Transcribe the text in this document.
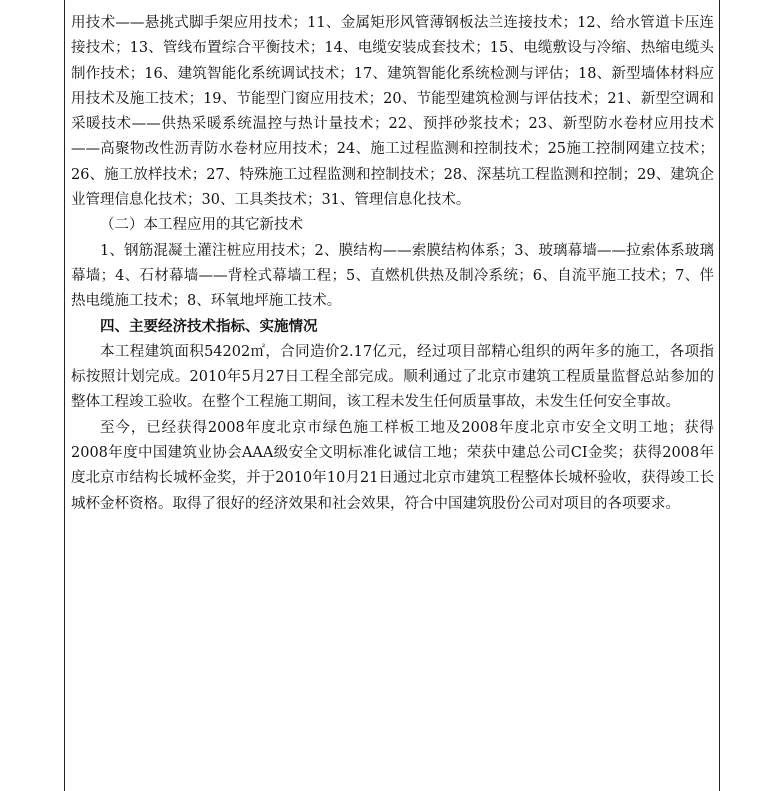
用技术——悬挑式脚手架应用技术；11、金属矩形风管薄钢板法兰连接技术；12、给水管道卡压连接技术；13、管线布置综合平衡技术；14、电缆安装成套技术；15、电缆敷设与冷缩、热缩电缆头制作技术；16、建筑智能化系统调试技术；17、建筑智能化系统检测与评估；18、新型墙体材料应用技术及施工技术；19、节能型门窗应用技术；20、节能型建筑检测与评估技术；21、新型空调和采暖技术——供热采暖系统温控与热计量技术；22、预拌砂浆技术；23、新型防水卷材应用技术——高聚物改性沥青防水卷材应用技术；24、施工过程监测和控制技术；25施工控制网建立技术；26、施工放样技术；27、特殊施工过程监测和控制技术；28、深基坑工程监测和控制；29、建筑企业管理信息化技术；30、工具类技术；31、管理信息化技术。

（二）本工程应用的其它新技术

1、钢筋混凝土灌注桩应用技术；2、膜结构——索膜结构体系；3、玻璃幕墙——拉索体系玻璃幕墙；4、石材幕墙——背栓式幕墙工程；5、直燃机供热及制冷系统；6、自流平施工技术；7、伴热电缆施工技术；8、环氧地坪施工技术。

四、主要经济技术指标、实施情况

本工程建筑面积54202㎡，合同造价2.17亿元，经过项目部精心组织的两年多的施工，各项指标按照计划完成。2010年5月27日工程全部完成。顺利通过了北京市建筑工程质量监督总站参加的整体工程竣工验收。在整个工程施工期间，该工程未发生任何质量事故，未发生任何安全事故。

至今，已经获得2008年度北京市绿色施工样板工地及2008年度北京市安全文明工地；获得2008年度中国建筑业协会AAA级安全文明标准化诚信工地；荣获中建总公司CI金奖；获得2008年度北京市结构长城杯金奖，并于2010年10月21日通过北京市建筑工程整体长城杯验收，获得竣工长城杯金杯资格。取得了很好的经济效果和社会效果，符合中国建筑股份公司对项目的各项要求。
